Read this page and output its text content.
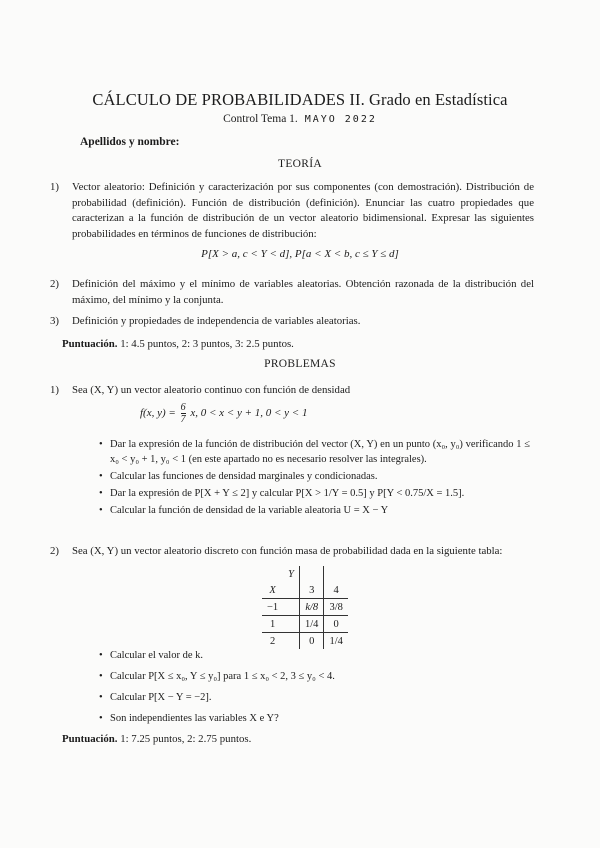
CÁLCULO DE PROBABILIDADES II. Grado en Estadística
Control Tema 1. MAYO 2022
Apellidos y nombre:
TEORÍA
1) Vector aleatorio: Definición y caracterización por sus componentes (con demostración). Distribución de probabilidad (definición). Función de distribución (definición). Enunciar las cuatro propiedades que caracterizan a la función de distribución de un vector aleatorio bidimensional. Expresar las siguientes probabilidades en términos de funciones de distribución:
P[X > a, c < Y < d], P[a < X < b, c ≤ Y ≤ d]
2) Definición del máximo y el mínimo de variables aleatorias. Obtención razonada de la distribución del máximo, del mínimo y la conjunta.
3) Definición y propiedades de independencia de variables aleatorias.
Puntuación. 1: 4.5 puntos, 2: 3 puntos, 3: 2.5 puntos.
PROBLEMAS
1) Sea (X, Y) un vector aleatorio continuo con función de densidad
f(x, $y) = \frac{6}{7} x$, 0 < x < y + 1, 0 < y < 1
• Dar la expresión de la función de distribución del vector (X, Y) en un punto (x₀, y₀) verificando 1 ≤ x₀ < y₀ + 1, y₀ < 1 (en este apartado no es necesario resolver las integrales).
• Calcular las funciones de densidad marginales y condicionadas.
• Dar la expresión de P[X + Y ≤ 2] y calcular P[X > 1/Y = 0.5] y P[Y < 0.75/X = 1.5].
• Calcular la función de densidad de la variable aleatoria U = X − Y
2) Sea (X, Y) un vector aleatorio discreto con función masa de probabilidad dada en la siguiente tabla:
	Y		
X		3	4
−1		k/8	3/8
1		1/4	0
2		0	1/4
• Calcular el valor de k.
• Calcular P[X ≤ x₀, Y ≤ y₀] para 1 ≤ x₀ < 2, 3 ≤ y₀ < 4.
• Calcular P[X − Y = −2].
• Son independientes las variables X e Y?
Puntuación. 1: 7.25 puntos, 2: 2.75 puntos.
